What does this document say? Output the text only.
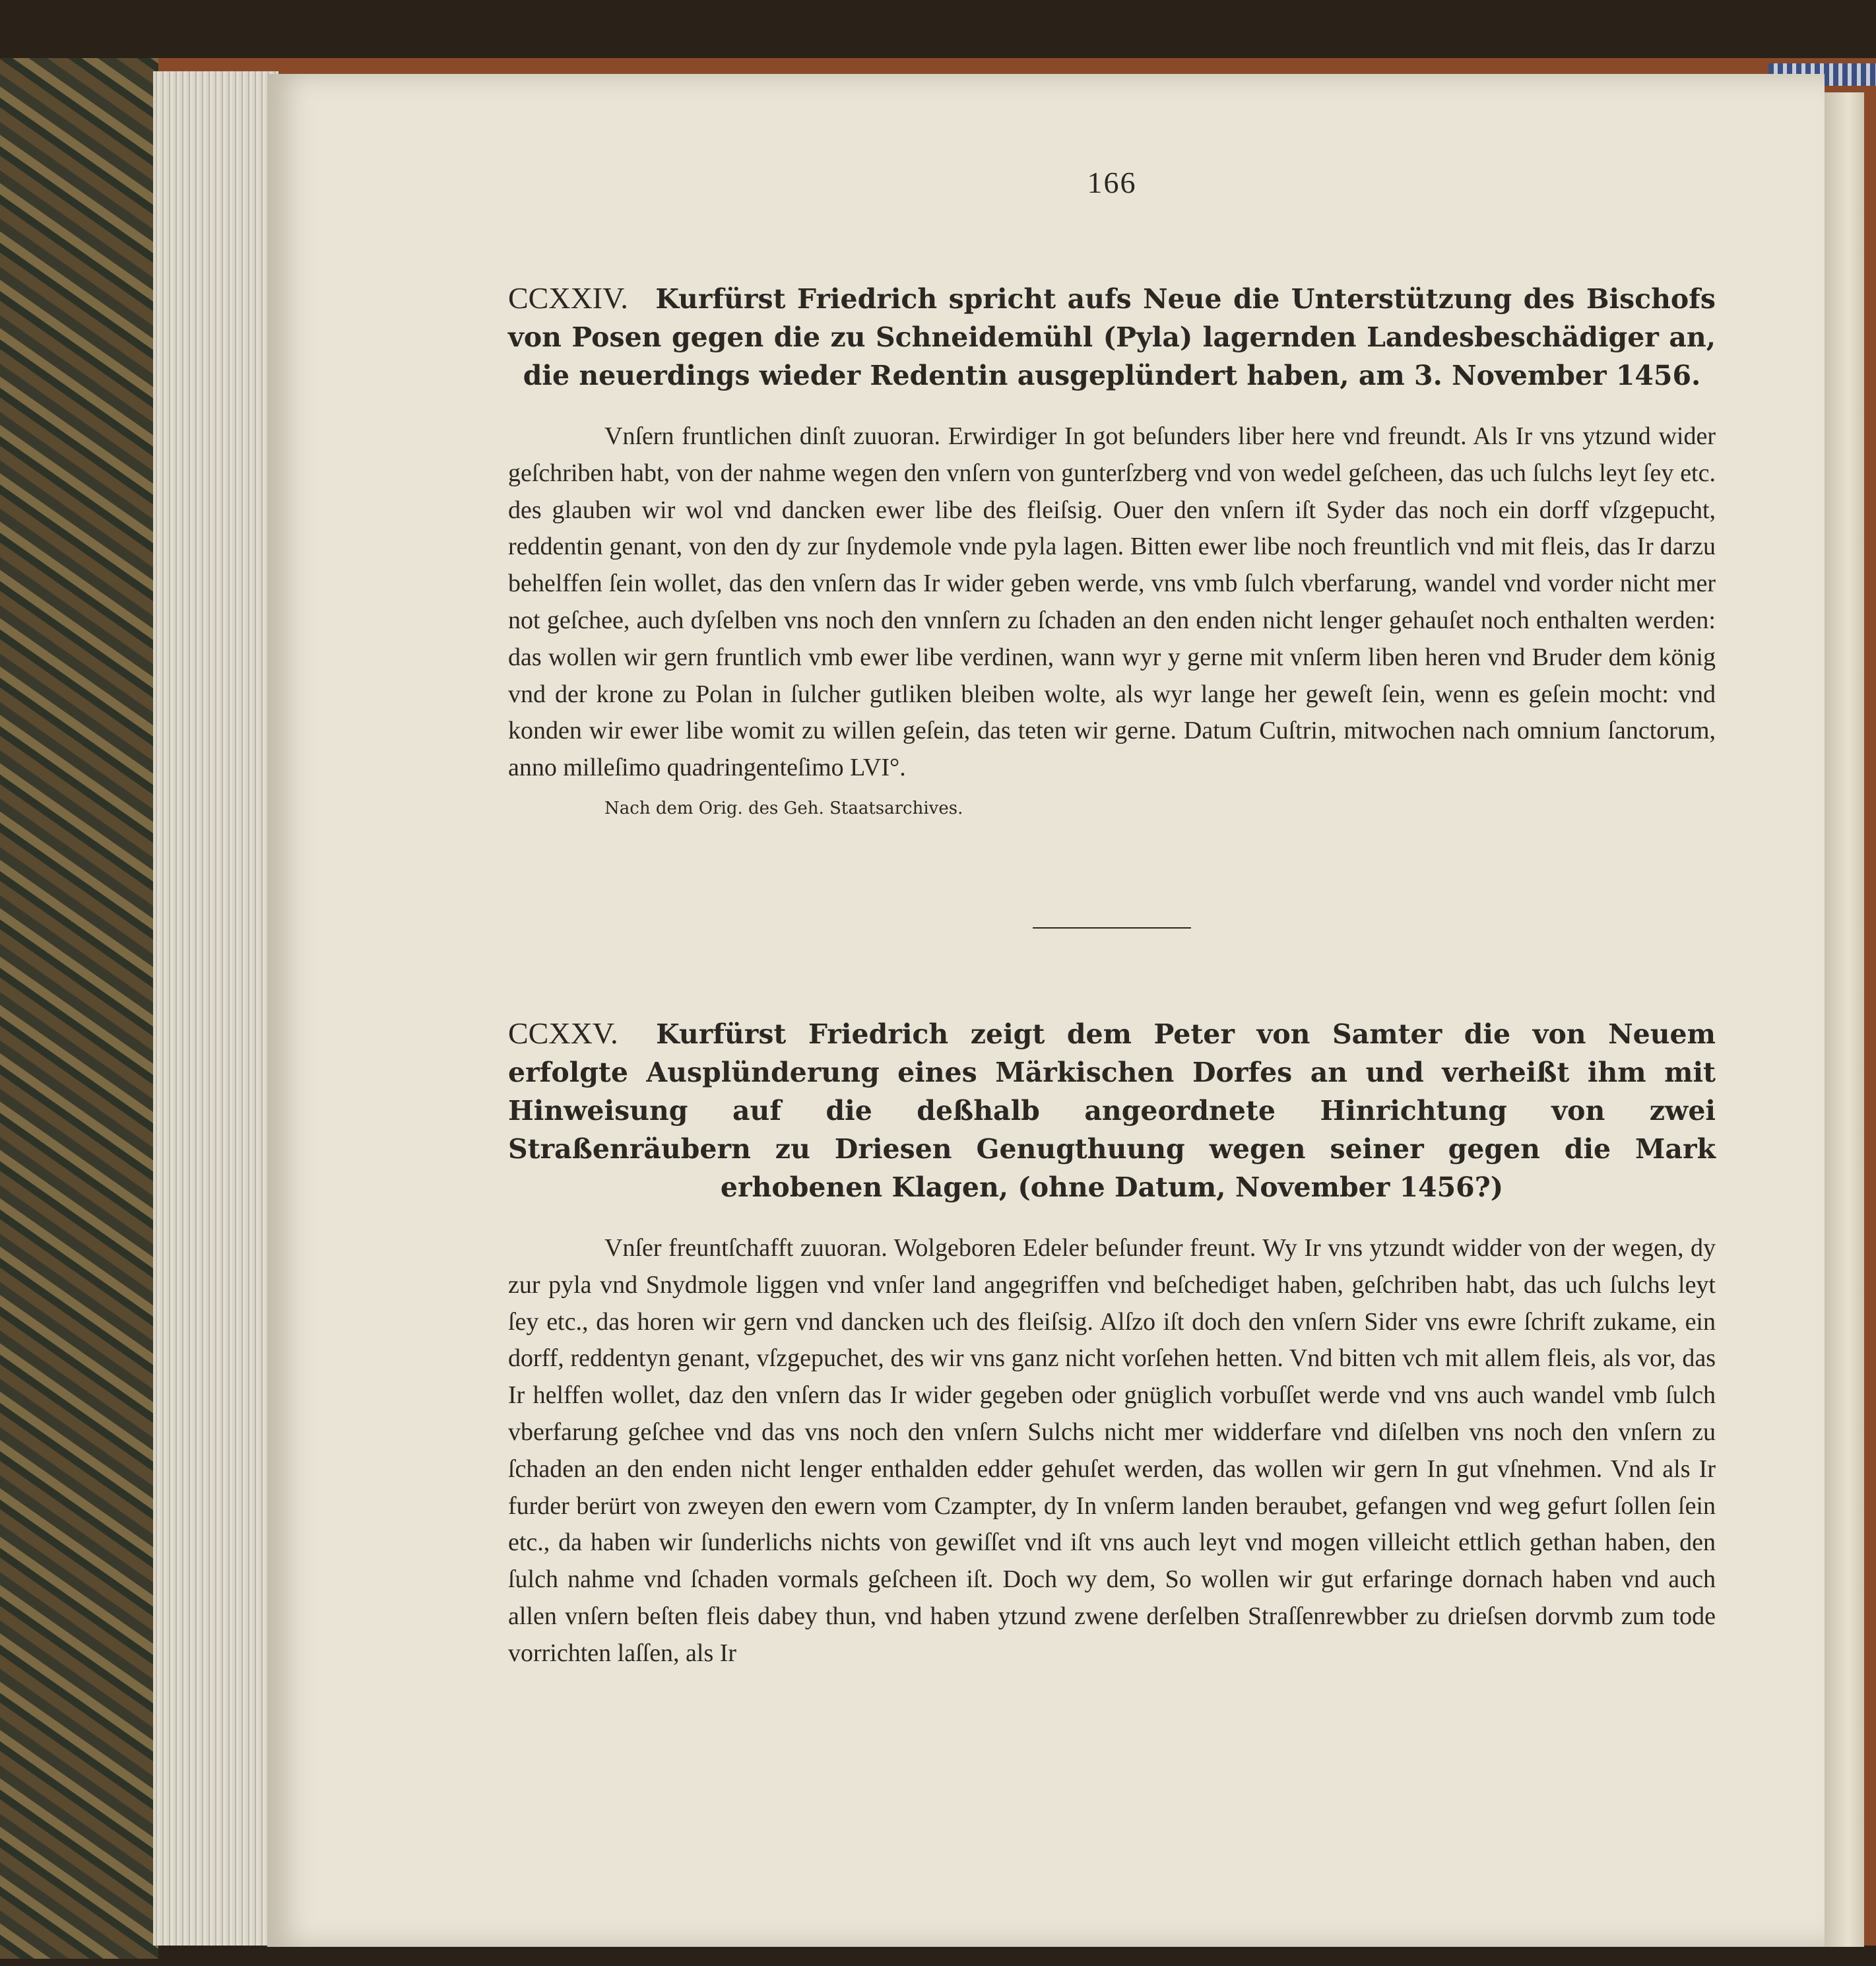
166
CCXXIV. Kurfürst Friedrich spricht aufs Neue die Unterstützung des Bischofs von Posen gegen die zu Schneidemühl (Pyla) lagernden Landesbeschädiger an, die neuerdings wieder Redentin ausgeplündert haben, am 3. November 1456.

Vnſern fruntlichen dinſt zuuoran. Erwirdiger In got beſunders liber here vnd freundt. Als Ir vns ytzund wider geſchriben habt, von der nahme wegen den vnſern von gunterſzberg vnd von wedel geſcheen, das uch ſulchs leyt ſey etc. des glauben wir wol vnd dancken ewer libe des fleiſsig. Ouer den vnſern iſt Syder das noch ein dorff vſzgepucht, reddentin genant, von den dy zur ſnydemole vnde pyla lagen. Bitten ewer libe noch freuntlich vnd mit fleis, das Ir darzu behelffen ſein wollet, das den vnſern das Ir wider geben werde, vns vmb ſulch vberfarung, wandel vnd vorder nicht mer not geſchee, auch dyſelben vns noch den vnnſern zu ſchaden an den enden nicht lenger gehauſet noch enthalten werden: das wollen wir gern fruntlich vmb ewer libe verdinen, wann wyr y gerne mit vnſerm liben heren vnd Bruder dem könig vnd der krone zu Polan in ſulcher gutliken bleiben wolte, als wyr lange her geweſt ſein, wenn es geſein mocht: vnd konden wir ewer libe womit zu willen geſein, das teten wir gerne. Datum Cuſtrin, mitwochen nach omnium ſanctorum, anno milleſimo quadringenteſimo LVI°.

Nach dem Orig. des Geh. Staatsarchives.
CCXXV. Kurfürst Friedrich zeigt dem Peter von Samter die von Neuem erfolgte Ausplünderung eines Märkischen Dorfes an und verheißt ihm mit Hinweisung auf die deßhalb angeordnete Hinrichtung von zwei Straßenräubern zu Driesen Genugthuung wegen seiner gegen die Mark erhobenen Klagen, (ohne Datum, November 1456?)

Vnſer freuntſchafft zuuoran. Wolgeboren Edeler beſunder freunt. Wy Ir vns ytzundt widder von der wegen, dy zur pyla vnd Snydmole liggen vnd vnſer land angegriffen vnd beſchediget haben, geſchriben habt, das uch ſulchs leyt ſey etc., das horen wir gern vnd dancken uch des fleiſsig. Alſzo iſt doch den vnſern Sider vns ewre ſchrift zukame, ein dorff, reddentyn genant, vſzgepuchet, des wir vns ganz nicht vorſehen hetten. Vnd bitten vch mit allem fleis, als vor, das Ir helffen wollet, daz den vnſern das Ir wider gegeben oder gnüglich vorbuſſet werde vnd vns auch wandel vmb ſulch vberfarung geſchee vnd das vns noch den vnſern Sulchs nicht mer widderfare vnd diſelben vns noch den vnſern zu ſchaden an den enden nicht lenger enthalden edder gehuſet werden, das wollen wir gern In gut vſnehmen. Vnd als Ir furder berürt von zweyen den ewern vom Czampter, dy In vnſerm landen beraubet, gefangen vnd weg gefurt ſollen ſein etc., da haben wir ſunderlichs nichts von gewiſſet vnd iſt vns auch leyt vnd mogen villeicht ettlich gethan haben, den ſulch nahme vnd ſchaden vormals geſcheen iſt. Doch wy dem, So wollen wir gut erfaringe dornach haben vnd auch allen vnſern beſten fleis dabey thun, vnd haben ytzund zwene derſelben Straſſenrewbber zu drieſsen dorvmb zum tode vorrichten laſſen, als Ir
